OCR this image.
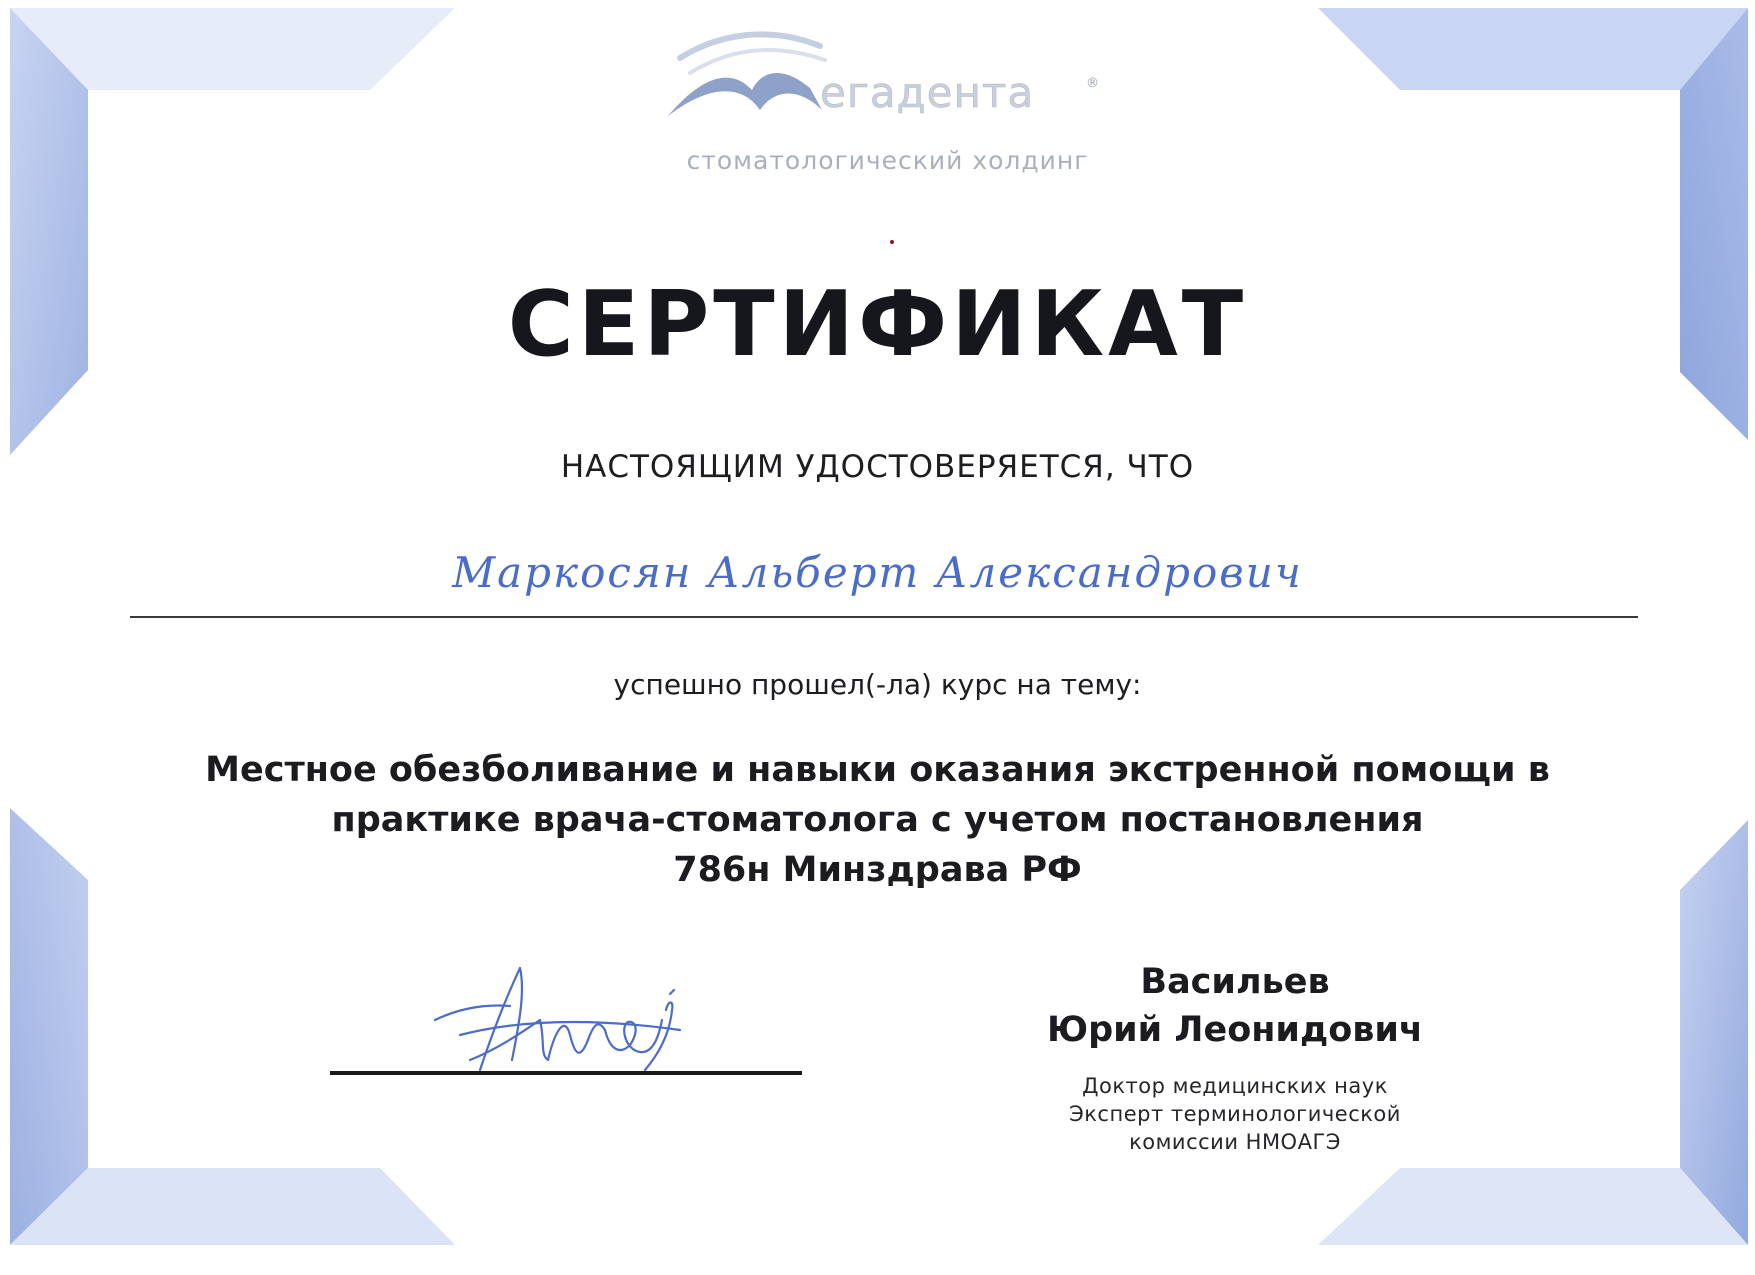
егадента	®
стоматологический холдинг
СЕРТИФИКАТ
НАСТОЯЩИМ УДОСТОВЕРЯЕТСЯ, ЧТО
Маркосян Альберт Александрович
успешно прошел(-ла) курс на тему:
Местное обезболивание и навыки оказания экстренной помощи в
практике врача-стоматолога с учетом постановления
786н Минздрава РФ
Васильев
Юрий Леонидович
Доктор медицинских наук
Эксперт терминологической
комиссии НМОАГЭ
